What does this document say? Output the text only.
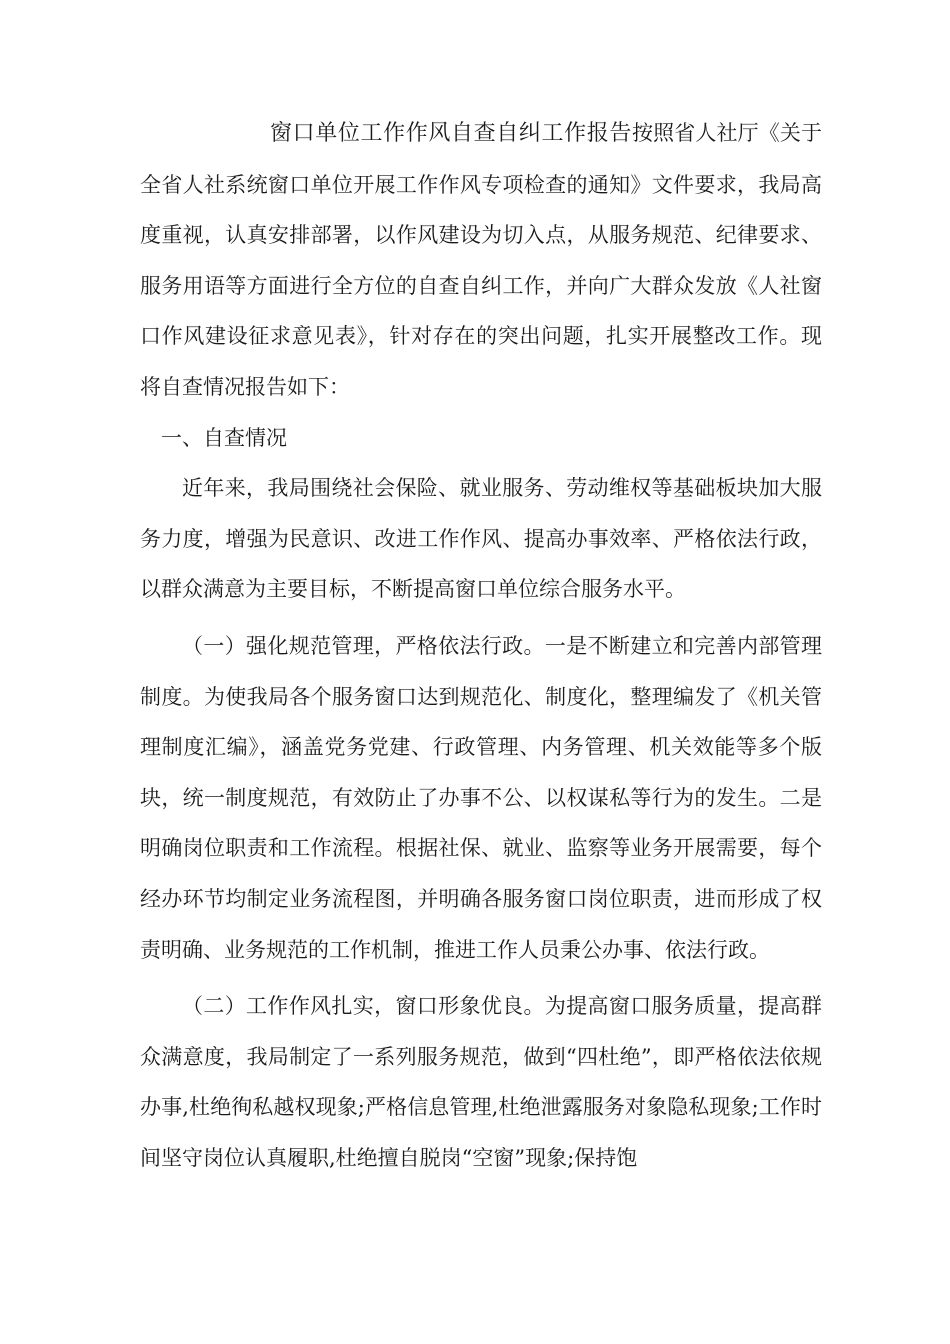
窗口单位工作作风自查自纠工作报告按照省人社厅《关于全省人社系统窗口单位开展工作作风专项检查的通知》文件要求，我局高度重视，认真安排部署，以作风建设为切入点，从服务规范、纪律要求、服务用语等方面进行全方位的自查自纠工作，并向广大群众发放《人社窗口作风建设征求意见表》，针对存在的突出问题，扎实开展整改工作。现将自查情况报告如下：

一、自查情况

近年来，我局围绕社会保险、就业服务、劳动维权等基础板块加大服务力度，增强为民意识、改进工作作风、提高办事效率、严格依法行政，以群众满意为主要目标，不断提高窗口单位综合服务水平。

（一）强化规范管理，严格依法行政。一是不断建立和完善内部管理制度。为使我局各个服务窗口达到规范化、制度化，整理编发了《机关管理制度汇编》，涵盖党务党建、行政管理、内务管理、机关效能等多个版块，统一制度规范，有效防止了办事不公、以权谋私等行为的发生。二是明确岗位职责和工作流程。根据社保、就业、监察等业务开展需要，每个经办环节均制定业务流程图，并明确各服务窗口岗位职责，进而形成了权责明确、业务规范的工作机制，推进工作人员秉公办事、依法行政。

（二）工作作风扎实，窗口形象优良。为提高窗口服务质量，提高群众满意度，我局制定了一系列服务规范，做到“四杜绝”，即严格依法依规办事,杜绝徇私越权现象;严格信息管理,杜绝泄露服务对象隐私现象;工作时间坚守岗位认真履职,杜绝擅自脱岗“空窗”现象;保持饱
